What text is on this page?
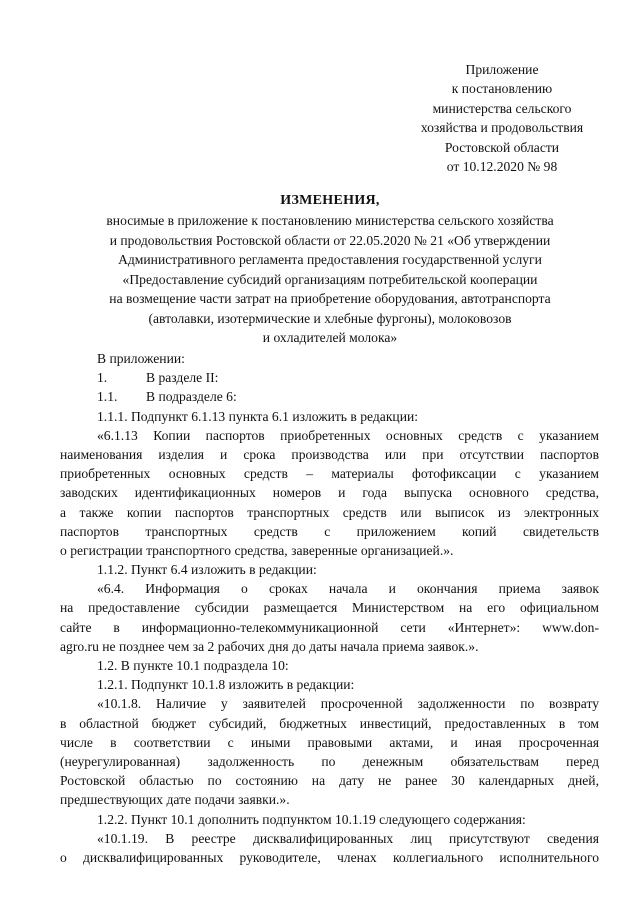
Приложение
к постановлению
министерства сельского
хозяйства и продовольствия
Ростовской области
от 10.12.2020 № 98
ИЗМЕНЕНИЯ,
вносимые в приложение к постановлению министерства сельского хозяйства
и продовольствия Ростовской области от 22.05.2020 № 21 «Об утверждении
Административного регламента предоставления государственной услуги
«Предоставление субсидий организациям потребительской кооперации
на возмещение части затрат на приобретение оборудования, автотранспорта
(автолавки, изотермические и хлебные фургоны), молоковозов
и охладителей молока»
В приложении:
1.	В разделе II:
1.1. В подразделе 6:
1.1.1. Подпункт 6.1.13 пункта 6.1 изложить в редакции:
«6.1.13 Копии паспортов приобретенных основных средств с указанием
наименования изделия и срока производства или при отсутствии паспортов
приобретенных основных средств – материалы фотофиксации с указанием
заводских идентификационных номеров и года выпуска основного средства,
а также копии паспортов транспортных средств или выписок из электронных
паспортов транспортных средств с приложением копий свидетельств
о регистрации транспортного средства, заверенные организацией.».
1.1.2. Пункт 6.4 изложить в редакции:
«6.4. Информация о сроках начала и окончания приема заявок
на предоставление субсидии размещается Министерством на его официальном
сайте в информационно-телекоммуникационной сети «Интернет»: www.don-
agro.ru не позднее чем за 2 рабочих дня до даты начала приема заявок.».
1.2. В пункте 10.1 подраздела 10:
1.2.1. Подпункт 10.1.8 изложить в редакции:
«10.1.8. Наличие у заявителей просроченной задолженности по возврату
в областной бюджет субсидий, бюджетных инвестиций, предоставленных в том
числе в соответствии с иными правовыми актами, и иная просроченная
(неурегулированная) задолженность по денежным обязательствам перед
Ростовской областью по состоянию на дату не ранее 30 календарных дней,
предшествующих дате подачи заявки.».
1.2.2. Пункт 10.1 дополнить подпунктом 10.1.19 следующего содержания:
«10.1.19. В реестре дисквалифицированных лиц присутствуют сведения
о дисквалифицированных руководителе, членах коллегиального исполнительного
